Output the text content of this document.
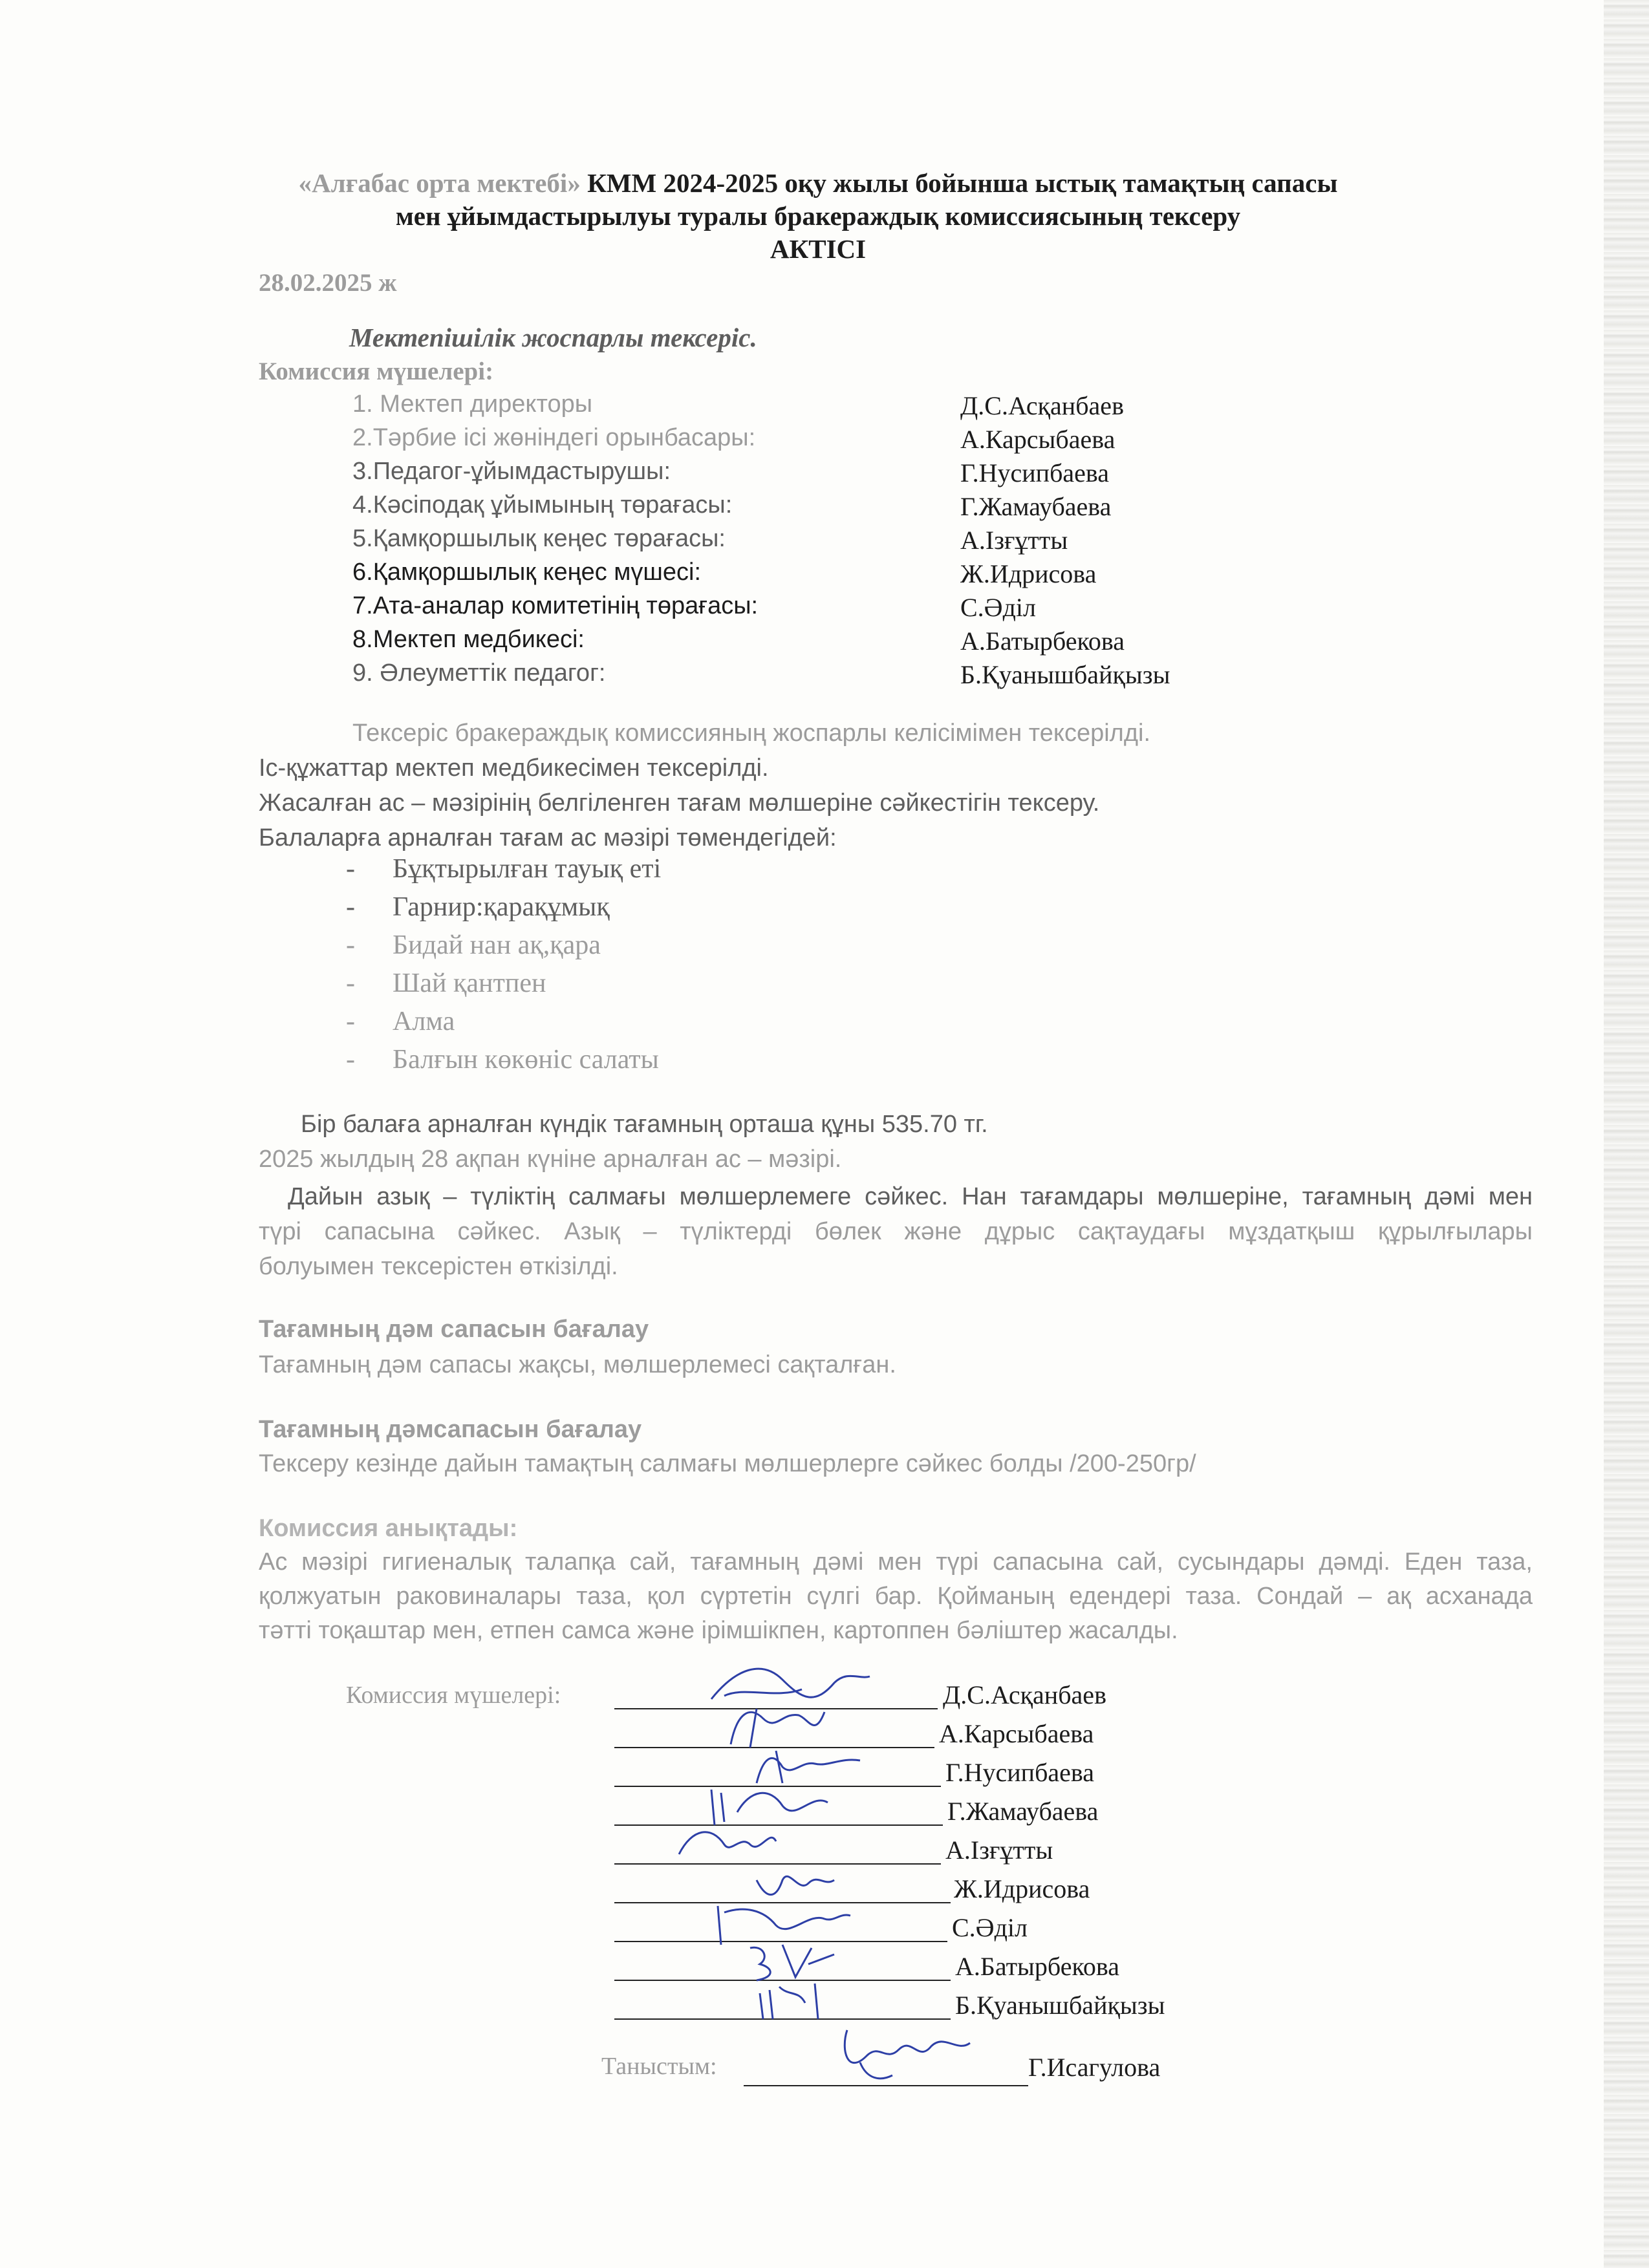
«Алғабас орта мектебі» КММ 2024-2025 оқу жылы бойынша ыстық тамақтың сапасы
мен ұйымдастырылуы туралы бракераждық комиссиясының тексеру
АКТІСІ
28.02.2025 ж
Мектепішілік жоспарлы тексеріс.
Комиссия мүшелері:
1. Мектеп директоры	Д.С.Асқанбаев
2.Тәрбие ісі жөніндегі орынбасары:	А.Карсыбаева
3.Педагог-ұйымдастырушы:	Г.Нусипбаева
4.Кәсіподақ ұйымының төрағасы:	Г.Жамаубаева
5.Қамқоршылық кеңес төрағасы:	А.Ізғұтты
6.Қамқоршылық кеңес мүшесі:	Ж.Идрисова
7.Ата-аналар комитетінің төрағасы:	С.Әділ
8.Мектеп медбикесі:	А.Батырбекова
9. Әлеуметтік педагог:	Б.Қуанышбайқызы
Тексеріс бракераждық комиссияның жоспарлы келісімімен тексерілді.
Іс-құжаттар мектеп медбикесімен тексерілді.
Жасалған ас – мәзірінің белгіленген тағам мөлшеріне сәйкестігін тексеру.
Балаларға арналған тағам ас мәзірі төмендегідей:
- Бұқтырылған тауық еті
- Гарнир:қарақұмық
- Бидай нан ақ,қара
- Шай қантпен
- Алма
- Балғын көкөніс салаты
Бір балаға арналған күндік тағамның орташа құны 535.70 тг.
2025 жылдың 28 ақпан күніне арналған ас – мәзірі.
Дайын азық – түліктің салмағы мөлшерлемеге сәйкес. Нан тағамдары мөлшеріне, тағамның дәмі мен
түрі сапасына сәйкес. Азық – түліктерді бөлек және дұрыс сақтаудағы мұздатқыш құрылғылары
болуымен тексерістен өткізілді.
Тағамның дәм сапасын бағалау
Тағамның дәм сапасы жақсы, мөлшерлемесі сақталған.
Тағамның дәмсапасын бағалау
Тексеру кезінде дайын тамақтың салмағы мөлшерлерге сәйкес болды /200-250гр/
Комиссия анықтады:
Ас мәзірі гигиеналық талапқа сай, тағамның дәмі мен түрі сапасына сай, сусындары дәмді. Еден таза,
қолжуатын раковиналары таза, қол сүртетін сүлгі бар. Қойманың едендері таза. Сондай – ақ асханада
тәтті тоқаштар мен, етпен самса және ірімшікпен, картоппен бәліштер жасалды.
Комиссия мүшелері:	Д.С.Асқанбаев
А.Карсыбаева
Г.Нусипбаева
Г.Жамаубаева
А.Ізғұтты
Ж.Идрисова
С.Әділ
А.Батырбекова
Б.Қуанышбайқызы
Таныстым:	Г.Исагулова
